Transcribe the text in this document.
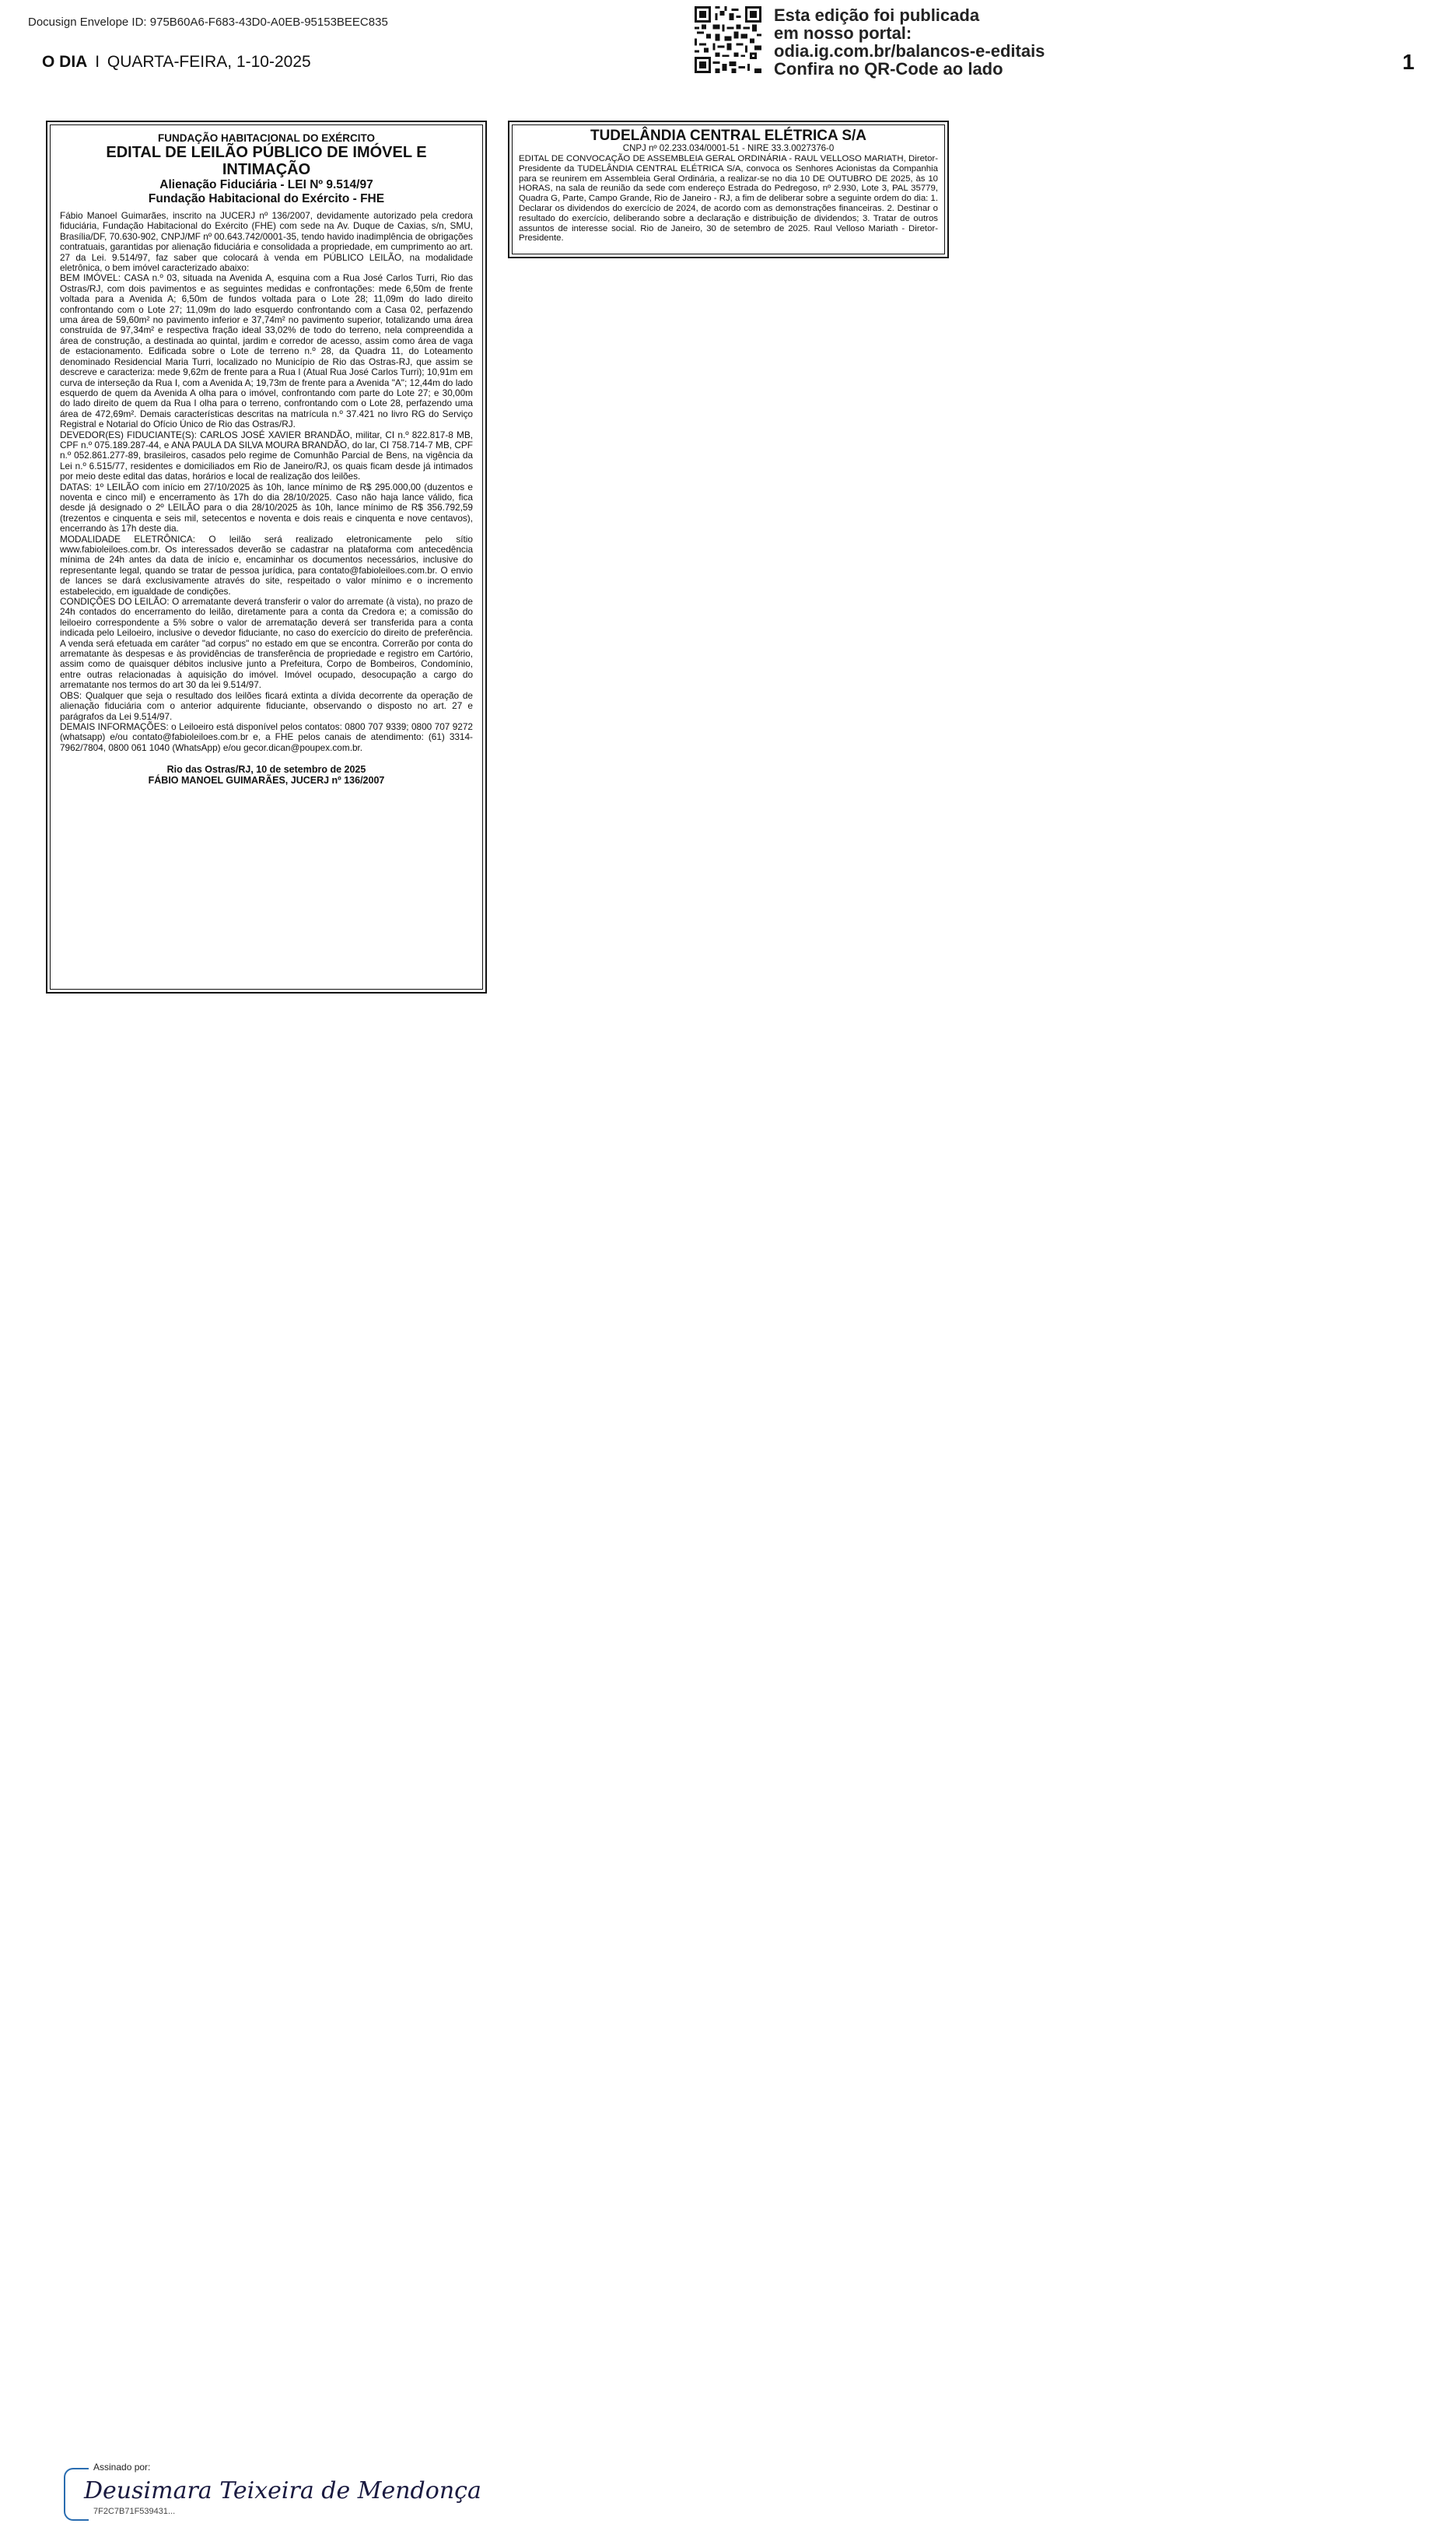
Docusign Envelope ID: 975B60A6-F683-43D0-A0EB-95153BEEC835
O DIA I QUARTA-FEIRA, 1-10-2025
Esta edição foi publicada
em nosso portal:
odia.ig.com.br/balancos-e-editais
Confira no QR-Code ao lado	1
FUNDAÇÃO HABITACIONAL DO EXÉRCITO
EDITAL DE LEILÃO PÚBLICO DE IMÓVEL E INTIMAÇÃO
Alienação Fiduciária - LEI Nº 9.514/97
Fundação Habitacional do Exército - FHE

Fábio Manoel Guimarães, inscrito na JUCERJ nº 136/2007, devidamente autorizado pela credora fiduciária, Fundação Habitacional do Exército (FHE) com sede na Av. Duque de Caxias, s/n, SMU, Brasília/DF, 70.630-902, CNPJ/MF nº 00.643.742/0001-35, tendo havido inadimplência de obrigações contratuais, garantidas por alienação fiduciária e consolidada a propriedade, em cumprimento ao art. 27 da Lei. 9.514/97, faz saber que colocará à venda em PÚBLICO LEILÃO, na modalidade eletrônica, o bem imóvel caracterizado abaixo:

BEM IMÓVEL: CASA n.º 03, situada na Avenida A, esquina com a Rua José Carlos Turri, Rio das Ostras/RJ, com dois pavimentos e as seguintes medidas e confrontações: mede 6,50m de frente voltada para a Avenida A; 6,50m de fundos voltada para o Lote 28; 11,09m do lado direito confrontando com o Lote 27; 11,09m do lado esquerdo confrontando com a Casa 02, perfazendo uma área de 59,60m² no pavimento inferior e 37,74m² no pavimento superior, totalizando uma área construída de 97,34m² e respectiva fração ideal 33,02% de todo do terreno, nela compreendida a área de construção, a destinada ao quintal, jardim e corredor de acesso, assim como área de vaga de estacionamento. Edificada sobre o Lote de terreno n.º 28, da Quadra 11, do Loteamento denominado Residencial Maria Turri, localizado no Município de Rio das Ostras-RJ, que assim se descreve e caracteriza: mede 9,62m de frente para a Rua I (Atual Rua José Carlos Turri); 10,91m em curva de interseção da Rua I, com a Avenida A; 19,73m de frente para a Avenida "A"; 12,44m do lado esquerdo de quem da Avenida A olha para o imóvel, confrontando com parte do Lote 27; e 30,00m do lado direito de quem da Rua I olha para o terreno, confrontando com o Lote 28, perfazendo uma área de 472,69m². Demais características descritas na matrícula n.º 37.421 no livro RG do Serviço Registral e Notarial do Ofício Único de Rio das Ostras/RJ.

DEVEDOR(ES) FIDUCIANTE(S): CARLOS JOSÉ XAVIER BRANDÃO, militar, CI n.º 822.817-8 MB, CPF n.º 075.189.287-44, e ANA PAULA DA SILVA MOURA BRANDÃO, do lar, CI 758.714-7 MB, CPF n.º 052.861.277-89, brasileiros, casados pelo regime de Comunhão Parcial de Bens, na vigência da Lei n.º 6.515/77, residentes e domiciliados em Rio de Janeiro/RJ, os quais ficam desde já intimados por meio deste edital das datas, horários e local de realização dos leilões.

DATAS: 1º LEILÃO com início em 27/10/2025 às 10h, lance mínimo de R$ 295.000,00 (duzentos e noventa e cinco mil) e encerramento às 17h do dia 28/10/2025. Caso não haja lance válido, fica desde já designado o 2º LEILÃO para o dia 28/10/2025 às 10h, lance mínimo de R$ 356.792,59 (trezentos e cinquenta e seis mil, setecentos e noventa e dois reais e cinquenta e nove centavos), encerrando às 17h deste dia.

MODALIDADE ELETRÔNICA: O leilão será realizado eletronicamente pelo sítio www.fabioleiloes.com.br. Os interessados deverão se cadastrar na plataforma com antecedência mínima de 24h antes da data de início e, encaminhar os documentos necessários, inclusive do representante legal, quando se tratar de pessoa jurídica, para contato@fabioleiloes.com.br. O envio de lances se dará exclusivamente através do site, respeitado o valor mínimo e o incremento estabelecido, em igualdade de condições.

CONDIÇÕES DO LEILÃO: O arrematante deverá transferir o valor do arremate (à vista), no prazo de 24h contados do encerramento do leilão, diretamente para a conta da Credora e; a comissão do leiloeiro correspondente a 5% sobre o valor de arrematação deverá ser transferida para a conta indicada pelo Leiloeiro, inclusive o devedor fiduciante, no caso do exercício do direito de preferência. A venda será efetuada em caráter "ad corpus" no estado em que se encontra. Correrão por conta do arrematante às despesas e às providências de transferência de propriedade e registro em Cartório, assim como de quaisquer débitos inclusive junto a Prefeitura, Corpo de Bombeiros, Condomínio, entre outras relacionadas à aquisição do imóvel. Imóvel ocupado, desocupação a cargo do arrematante nos termos do art 30 da lei 9.514/97.

OBS: Qualquer que seja o resultado dos leilões ficará extinta a dívida decorrente da operação de alienação fiduciária com o anterior adquirente fiduciante, observando o disposto no art. 27 e parágrafos da Lei 9.514/97.

DEMAIS INFORMAÇÕES: o Leiloeiro está disponível pelos contatos: 0800 707 9339; 0800 707 9272 (whatsapp) e/ou contato@fabioleiloes.com.br e, a FHE pelos canais de atendimento: (61) 3314-7962/7804, 0800 061 1040 (WhatsApp) e/ou gecor.dican@poupex.com.br.

Rio das Ostras/RJ, 10 de setembro de 2025
FÁBIO MANOEL GUIMARÃES, JUCERJ nº 136/2007
TUDELÂNDIA CENTRAL ELÉTRICA S/A
CNPJ nº 02.233.034/0001-51 - NIRE 33.3.0027376-0
EDITAL DE CONVOCAÇÃO DE ASSEMBLEIA GERAL ORDINÁRIA - RAUL VELLOSO MARIATH, Diretor-Presidente da TUDELÂNDIA CENTRAL ELÉTRICA S/A, convoca os Senhores Acionistas da Companhia para se reunirem em Assembleia Geral Ordinária, a realizar-se no dia 10 DE OUTUBRO DE 2025, às 10 HORAS, na sala de reunião da sede com endereço Estrada do Pedregoso, nº 2.930, Lote 3, PAL 35779, Quadra G, Parte, Campo Grande, Rio de Janeiro - RJ, a fim de deliberar sobre a seguinte ordem do dia: 1. Declarar os dividendos do exercício de 2024, de acordo com as demonstrações financeiras. 2. Destinar o resultado do exercício, deliberando sobre a declaração e distribuição de dividendos; 3. Tratar de outros assuntos de interesse social. Rio de Janeiro, 30 de setembro de 2025. Raul Velloso Mariath - Diretor-Presidente.
Assinado por:
Deusimara Teixeira de Mendonça
7F2C7B71F539431...
